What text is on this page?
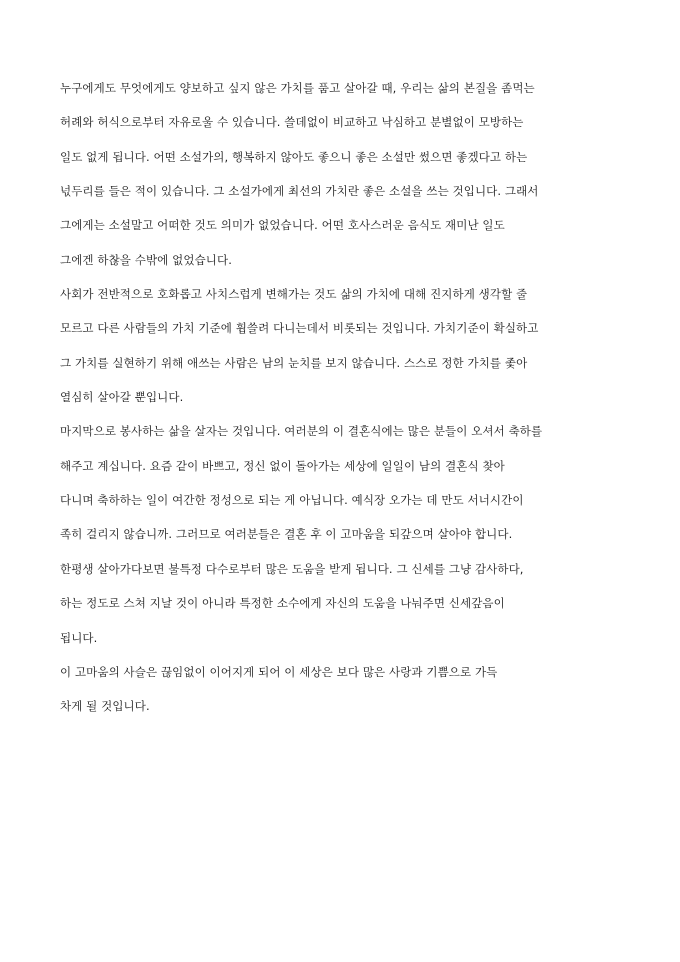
누구에게도 무엇에게도 양보하고 싶지 않은 가치를 품고 살아갈 때, 우리는 삶의 본질을 좀먹는
허례와 허식으로부터 자유로울 수 있습니다. 쓸데없이 비교하고 낙심하고 분별없이 모방하는
일도 없게 됩니다. 어떤 소설가의, 행복하지 않아도 좋으니 좋은 소설만 썼으면 좋겠다고 하는
넋두리를 들은 적이 있습니다. 그 소설가에게 최선의 가치란 좋은 소설을 쓰는 것입니다. 그래서
그에게는 소설말고 어떠한 것도 의미가 없었습니다. 어떤 호사스러운 음식도 재미난 일도
그에겐 하찮을 수밖에 없었습니다.
사회가 전반적으로 호화롭고 사치스럽게 변해가는 것도 삶의 가치에 대해 진지하게 생각할 줄
모르고 다른 사람들의 가치 기준에 휩쓸려 다니는데서 비롯되는 것입니다. 가치기준이 확실하고
그 가치를 실현하기 위해 애쓰는 사람은 남의 눈치를 보지 않습니다. 스스로 정한 가치를 좇아
열심히 살아갈 뿐입니다.
마지막으로 봉사하는 삶을 살자는 것입니다. 여러분의 이 결혼식에는 많은 분들이 오셔서 축하를
해주고 계십니다. 요즘 같이 바쁘고, 정신 없이 돌아가는 세상에 일일이 남의 결혼식 찾아
다니며 축하하는 일이 여간한 정성으로 되는 게 아닙니다. 예식장 오가는 데 만도 서너시간이
족히 걸리지 않습니까. 그러므로 여러분들은 결혼 후 이 고마움을 되갚으며 살아야 합니다.
한평생 살아가다보면 불특정 다수로부터 많은 도움을 받게 됩니다. 그 신세를 그냥 감사하다,
하는 정도로 스쳐 지날 것이 아니라 특정한 소수에게 자신의 도움을 나눠주면 신세갚음이
됩니다.
이 고마움의 사슬은 끊임없이 이어지게 되어 이 세상은 보다 많은 사랑과 기쁨으로 가득
차게 될 것입니다.
